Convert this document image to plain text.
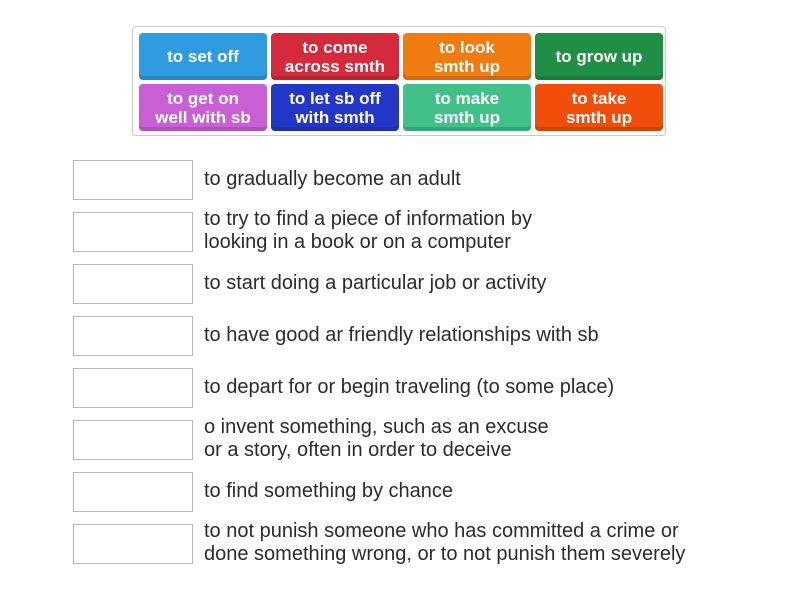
to set off	to come
across smth
to look
smth up	to grow up
to get on
well with sb
to let sb off
with smth
to make
smth up
to take
smth up
to gradually become an adult
to try to find a piece of information by
looking in a book or on a computer
to start doing a particular job or activity
to have good ar friendly relationships with sb
to depart for or begin traveling (to some place)
o invent something, such as an excuse
or a story, often in order to deceive
to find something by chance
to not punish someone who has committed a crime or
done something wrong, or to not punish them severely
